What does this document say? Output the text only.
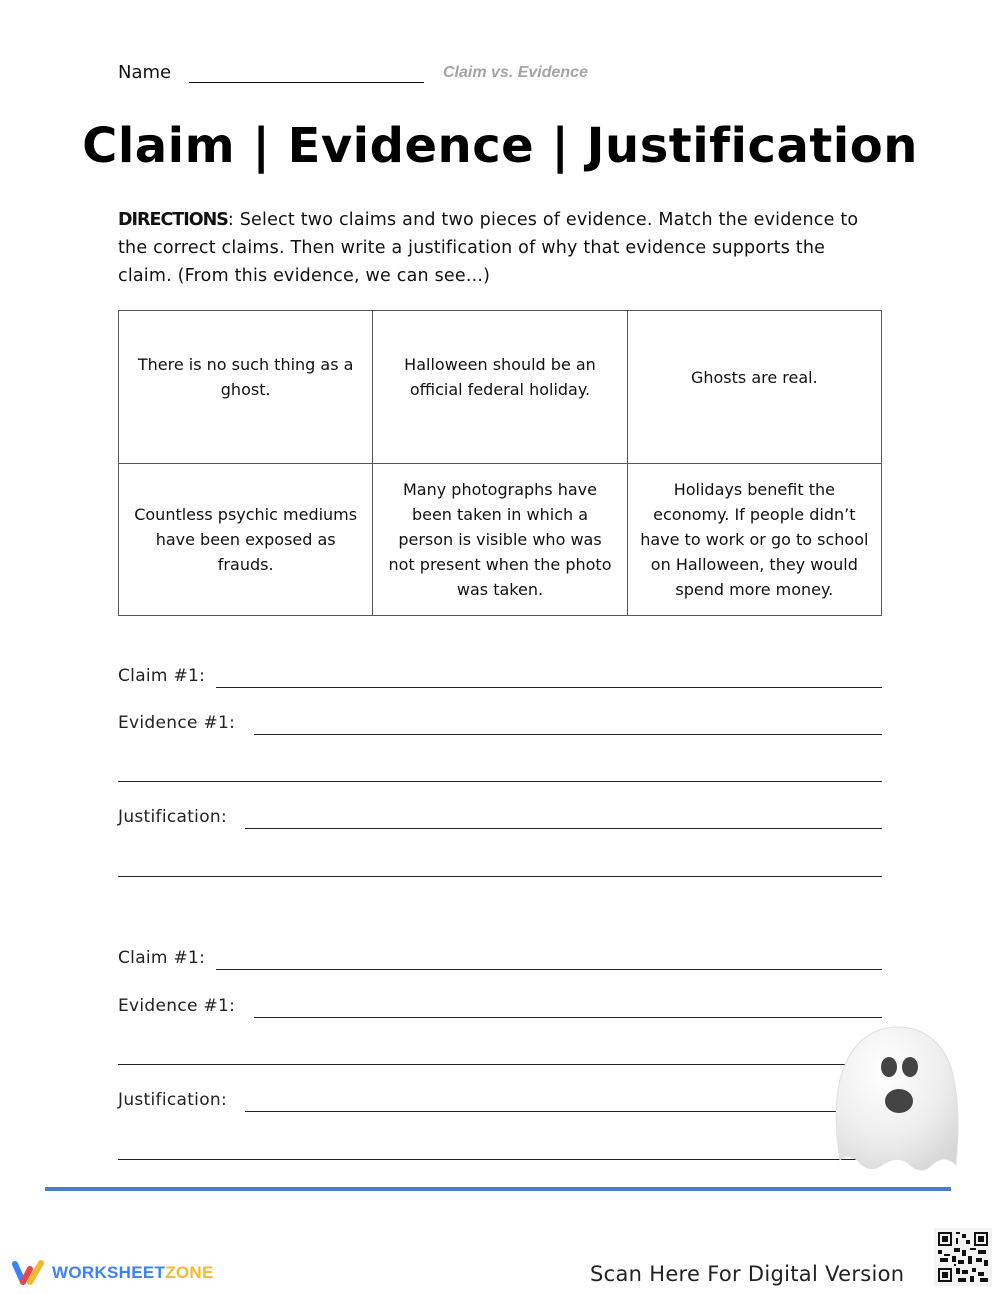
Name	Claim vs. Evidence
Claim | Evidence | Justification
DIRECTIONS: Select two claims and two pieces of evidence. Match the evidence to the correct claims. Then write a justification of why that evidence supports the claim. (From this evidence, we can see...)
There is no such thing as a ghost.	Halloween should be an official federal holiday.	Ghosts are real.
Countless psychic mediums have been exposed as frauds.	Many photographs have been taken in which a person is visible who was not present when the photo was taken.	Holidays benefit the economy. If people didn’t have to work or go to school on Halloween, they would spend more money.
Claim #1:
Evidence #1:
Justification:
Claim #1:
Evidence #1:
Justification:
WORKSHEETZONE	Scan Here For Digital Version
